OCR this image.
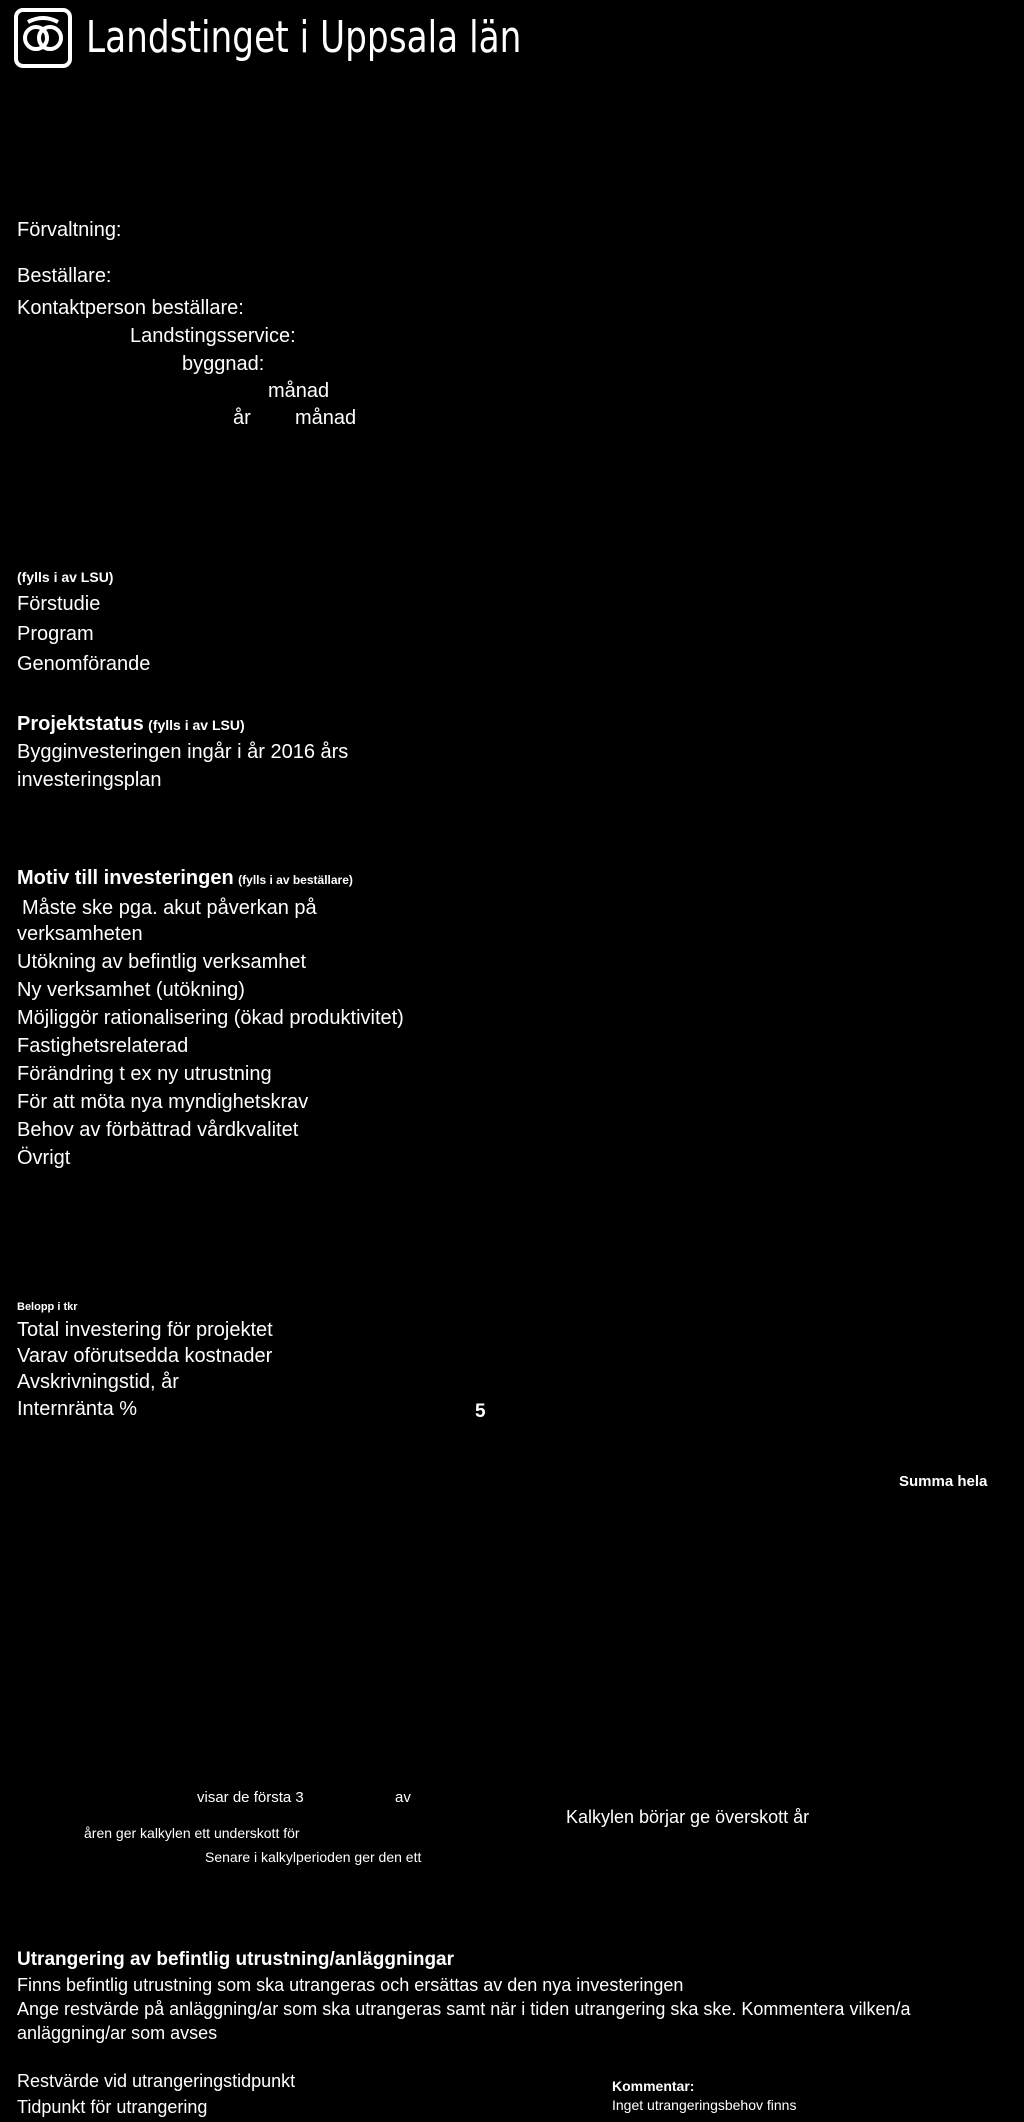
Landstinget i Uppsala län
Förvaltning:
Beställare:
Kontaktperson beställare:
Landstingsservice:
byggnad:
månad
år månad
(fylls i av LSU)
Förstudie
Program
Genomförande
Projektstatus (fylls i av LSU)
Bygginvesteringen ingår i år 2016 års
investeringsplan
Motiv till investeringen (fylls i av beställare)
Måste ske pga. akut påverkan på
verksamheten
Utökning av befintlig verksamhet
Ny verksamhet (utökning)
Möjliggör rationalisering (ökad produktivitet)
Fastighetsrelaterad
Förändring t ex ny utrustning
För att möta nya myndighetskrav
Behov av förbättrad vårdkvalitet
Övrigt
Belopp i tkr
Total investering för projektet
Varav oförutsedda kostnader
Avskrivningstid, år
Internränta %	5
Summa hela
visar de första 3	av
Kalkylen börjar ge överskott år
åren ger kalkylen ett underskott för
Senare i kalkylperioden ger den ett
Utrangering av befintlig utrustning/anläggningar
Finns befintlig utrustning som ska utrangeras och ersättas av den nya investeringen
Ange restvärde på anläggning/ar som ska utrangeras samt när i tiden utrangering ska ske. Kommentera vilken/a
anläggning/ar som avses
Restvärde vid utrangeringstidpunkt
Tidpunkt för utrangering
Kommentar:
Inget utrangeringsbehov finns
